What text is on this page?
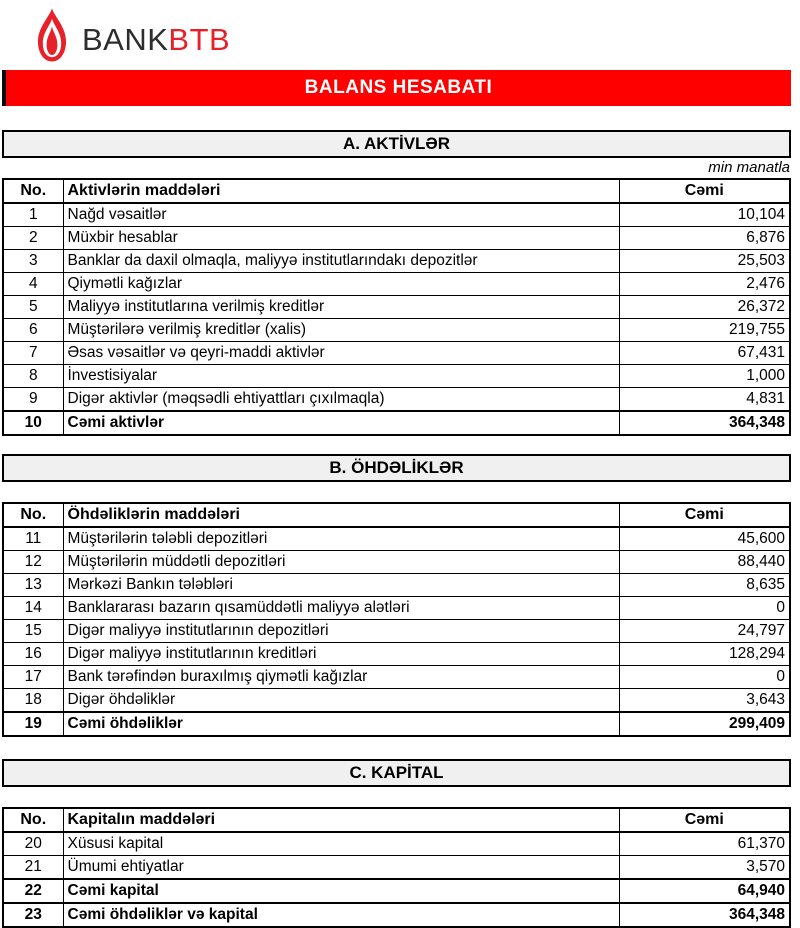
BANKBTB
BALANS HESABATI
A. AKTİVLƏR
min manatla
No.	Aktivlərin maddələri	Cəmi
1	Nağd vəsaitlər	10,104
2	Müxbir hesablar	6,876
3	Banklar da daxil olmaqla, maliyyə institutlarındakı depozitlər	25,503
4	Qiymətli kağızlar	2,476
5	Maliyyə institutlarına verilmiş kreditlər	26,372
6	Müştərilərə verilmiş kreditlər (xalis)	219,755
7	Əsas vəsaitlər və qeyri-maddi aktivlər	67,431
8	İnvestisiyalar	1,000
9	Digər aktivlər (məqsədli ehtiyattları çıxılmaqla)	4,831
10	Cəmi aktivlər	364,348
B. ÖHDƏLİKLƏR
No.	Öhdəliklərin maddələri	Cəmi
11	Müştərilərin tələbli depozitləri	45,600
12	Müştərilərin müddətli depozitləri	88,440
13	Mərkəzi Bankın tələbləri	8,635
14	Banklararası bazarın qısamüddətli maliyyə alətləri	0
15	Digər maliyyə institutlarının depozitləri	24,797
16	Digər maliyyə institutlarının kreditləri	128,294
17	Bank tərəfindən buraxılmış qiymətli kağızlar	0
18	Digər öhdəliklər	3,643
19	Cəmi öhdəliklər	299,409
C. KAPİTAL
No.	Kapitalın maddələri	Cəmi
20	Xüsusi kapital	61,370
21	Ümumi ehtiyatlar	3,570
22	Cəmi kapital	64,940
23	Cəmi öhdəliklər və kapital	364,348
